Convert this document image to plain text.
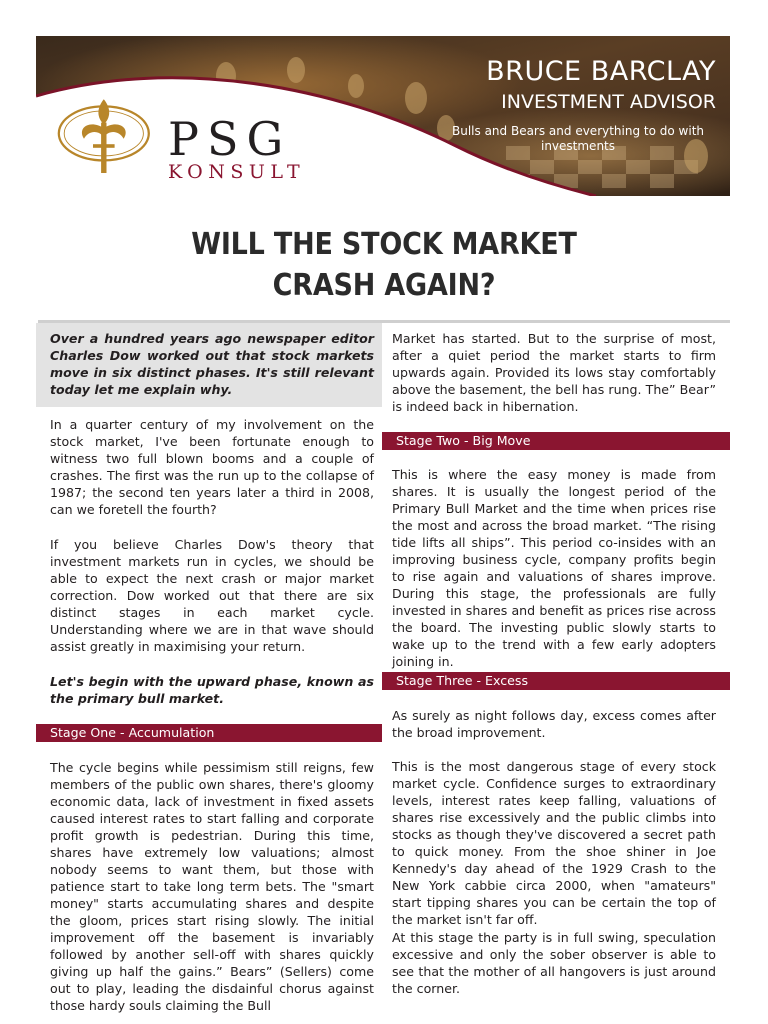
PSG
KONSULT
BRUCE BARCLAY
INVESTMENT ADVISOR
Bulls and Bears and everything to do with investments
WILL THE STOCK MARKET
CRASH AGAIN?

Over a hundred years ago newspaper editor Charles Dow worked out that stock markets move in six distinct phases. It's still relevant today let me explain why.

In a quarter century of my involvement on the stock market, I've been fortunate enough to witness two full blown booms and a couple of crashes. The first was the run up to the collapse of 1987; the second ten years later a third in 2008, can we foretell the fourth?

If you believe Charles Dow's theory that investment markets run in cycles, we should be able to expect the next crash or major market correction. Dow worked out that there are six distinct stages in each market cycle. Understanding where we are in that wave should assist greatly in maximising your return.

Let's begin with the upward phase, known as the primary bull market.

Stage One - Accumulation

The cycle begins while pessimism still reigns, few members of the public own shares, there's gloomy economic data, lack of investment in fixed assets caused interest rates to start falling and corporate profit growth is pedestrian. During this time, shares have extremely low valuations; almost nobody seems to want them, but those with patience start to take long term bets. The "smart money" starts accumulating shares and despite the gloom, prices start rising slowly. The initial improvement off the basement is invariably followed by another sell-off with shares quickly giving up half the gains.” Bears” (Sellers) come out to play, leading the disdainful chorus against those hardy souls claiming the Bull

Market has started. But to the surprise of most, after a quiet period the market starts to firm upwards again. Provided its lows stay comfortably above the basement, the bell has rung. The” Bear” is indeed back in hibernation.

Stage Two - Big Move

This is where the easy money is made from shares. It is usually the longest period of the Primary Bull Market and the time when prices rise the most and across the broad market. “The rising tide lifts all ships”. This period co-insides with an improving business cycle, company profits begin to rise again and valuations of shares improve. During this stage, the professionals are fully invested in shares and benefit as prices rise across the board. The investing public slowly starts to wake up to the trend with a few early adopters joining in.

Stage Three - Excess

As surely as night follows day, excess comes after the broad improvement.

This is the most dangerous stage of every stock market cycle. Confidence surges to extraordinary levels, interest rates keep falling, valuations of shares rise excessively and the public climbs into stocks as though they've discovered a secret path to quick money. From the shoe shiner in Joe Kennedy's day ahead of the 1929 Crash to the New York cabbie circa 2000, when "amateurs" start tipping shares you can be certain the top of the market isn't far off.

At this stage the party is in full swing, speculation excessive and only the sober observer is able to see that the mother of all hangovers is just around the corner.
